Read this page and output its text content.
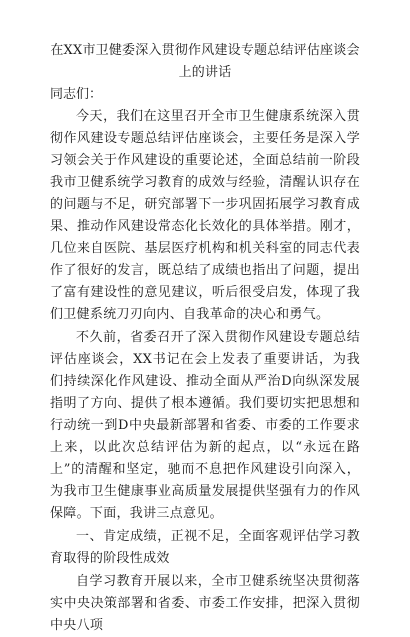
在XX市卫健委深入贯彻作风建设专题总结评估座谈会上的讲话

同志们：

今天，我们在这里召开全市卫生健康系统深入贯彻作风建设专题总结评估座谈会，主要任务是深入学习领会关于作风建设的重要论述，全面总结前一阶段我市卫健系统学习教育的成效与经验，清醒认识存在的问题与不足，研究部署下一步巩固拓展学习教育成果、推动作风建设常态化长效化的具体举措。刚才，几位来自医院、基层医疗机构和机关科室的同志代表作了很好的发言，既总结了成绩也指出了问题，提出了富有建设性的意见建议，听后很受启发，体现了我们卫健系统刀刃向内、自我革命的决心和勇气。

不久前，省委召开了深入贯彻作风建设专题总结评估座谈会，XX书记在会上发表了重要讲话，为我们持续深化作风建设、推动全面从严治D向纵深发展指明了方向、提供了根本遵循。我们要切实把思想和行动统一到D中央最新部署和省委、市委的工作要求上来，以此次总结评估为新的起点，以“永远在路上”的清醒和坚定，驰而不息把作风建设引向深入，为我市卫生健康事业高质量发展提供坚强有力的作风保障。下面，我讲三点意见。

一、肯定成绩，正视不足，全面客观评估学习教育取得的阶段性成效

自学习教育开展以来，全市卫健系统坚决贯彻落实中央决策部署和省委、市委工作安排，把深入贯彻中央八项
